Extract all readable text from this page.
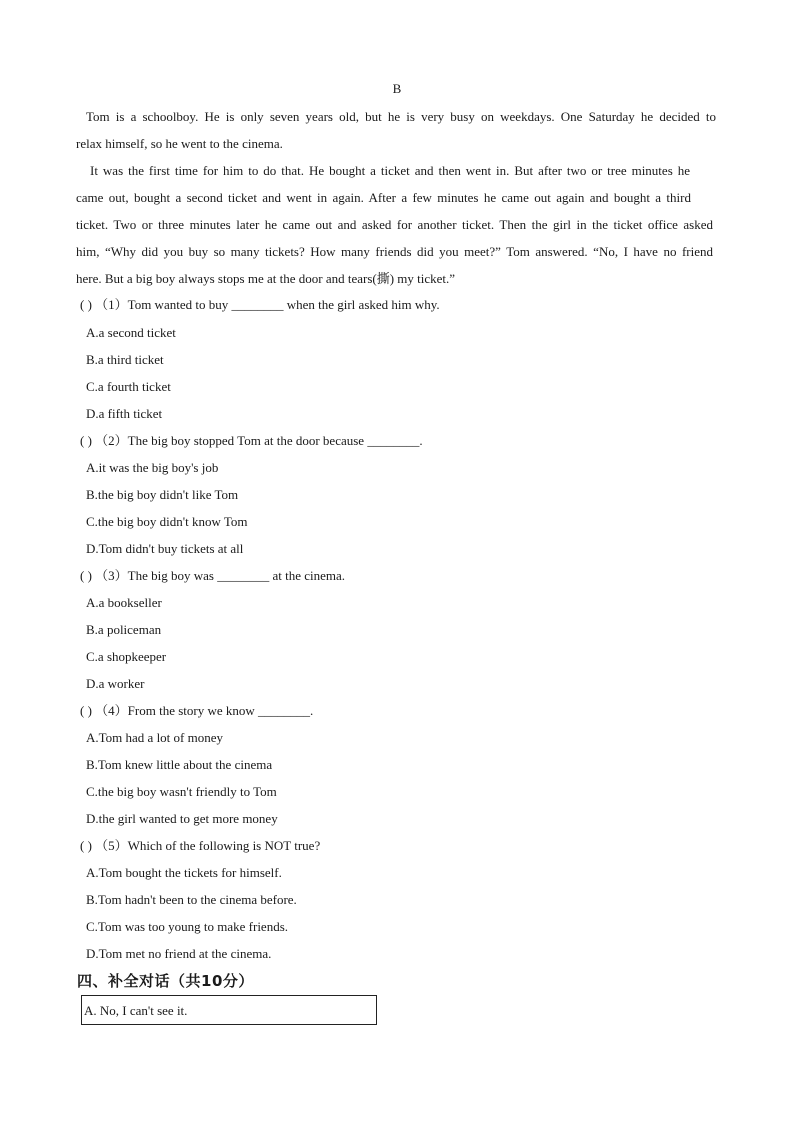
B
Tom is a schoolboy. He is only seven years old, but he is very busy on weekdays. One Saturday he decided to
relax himself, so he went to the cinema.
It was the first time for him to do that. He bought a ticket and then went in. But after two or tree minutes he
came out, bought a second ticket and went in again. After a few minutes he came out again and bought a third
ticket. Two or three minutes later he came out and asked for another ticket. Then the girl in the ticket office asked
him, “Why did you buy so many tickets? How many friends did you meet?” Tom answered. “No, I have no friend
here. But a big boy always stops me at the door and tears(撕) my ticket.”
( ) （1）Tom wanted to buy ________ when the girl asked him why.
A.a second ticket
B.a third ticket
C.a fourth ticket
D.a fifth ticket
( ) （2）The big boy stopped Tom at the door because ________.
A.it was the big boy's job
B.the big boy didn't like Tom
C.the big boy didn't know Tom
D.Tom didn't buy tickets at all
( ) （3）The big boy was ________ at the cinema.
A.a bookseller
B.a policeman
C.a shopkeeper
D.a worker
( ) （4）From the story we know ________.
A.Tom had a lot of money
B.Tom knew little about the cinema
C.the big boy wasn't friendly to Tom
D.the girl wanted to get more money
( ) （5）Which of the following is NOT true?
A.Tom bought the tickets for himself.
B.Tom hadn't been to the cinema before.
C.Tom was too young to make friends.
D.Tom met no friend at the cinema.
四、补全对话（共10分）
A. No, I can't see it.
